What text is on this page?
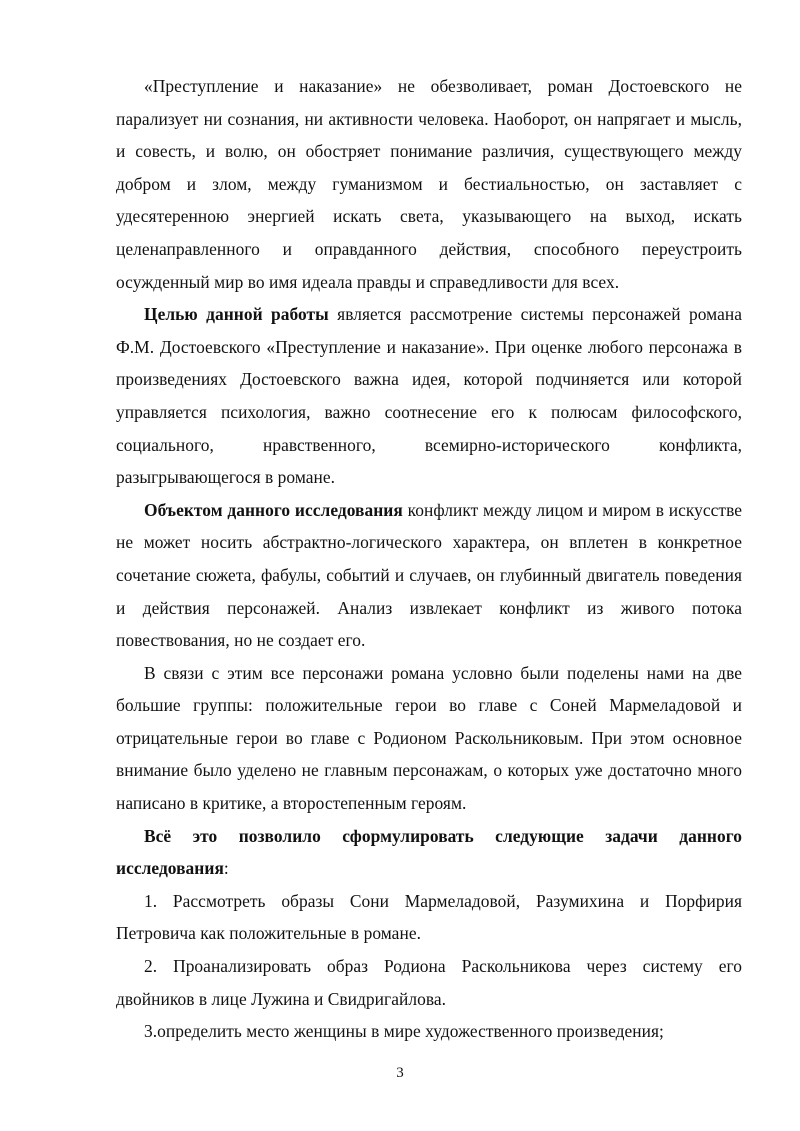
«Преступление и наказание» не обезволивает, роман Достоевского не парализует ни сознания, ни активности человека. Наоборот, он напрягает и мысль, и совесть, и волю, он обостряет понимание различия, существующего между добром и злом, между гуманизмом и бестиальностью, он заставляет с удесятеренною энергией искать света, указывающего на выход, искать целенаправленного и оправданного действия, способного переустроить осужденный мир во имя идеала правды и справедливости для всех.

Целью данной работы является рассмотрение системы персонажей романа Ф.М. Достоевского «Преступление и наказание». При оценке любого персонажа в произведениях Достоевского важна идея, которой подчиняется или которой управляется психология, важно соотнесение его к полюсам философского, социального, нравственного, всемирно-исторического конфликта, разыгрывающегося в романе.

Объектом данного исследования конфликт между лицом и миром в искусстве не может носить абстрактно-логического характера, он вплетен в конкретное сочетание сюжета, фабулы, событий и случаев, он глубинный двигатель поведения и действия персонажей. Анализ извлекает конфликт из живого потока повествования, но не создает его.

В связи с этим все персонажи романа условно были поделены нами на две большие группы: положительные герои во главе с Соней Мармеладовой и отрицательные герои во главе с Родионом Раскольниковым. При этом основное внимание было уделено не главным персонажам, о которых уже достаточно много написано в критике, а второстепенным героям.

Всё это позволило сформулировать следующие задачи данного исследования:

1. Рассмотреть образы Сони Мармеладовой, Разумихина и Порфирия Петровича как положительные в романе.

2. Проанализировать образ Родиона Раскольникова через систему его двойников в лице Лужина и Свидригайлова.

3.определить место женщины в мире художественного произведения;

3
